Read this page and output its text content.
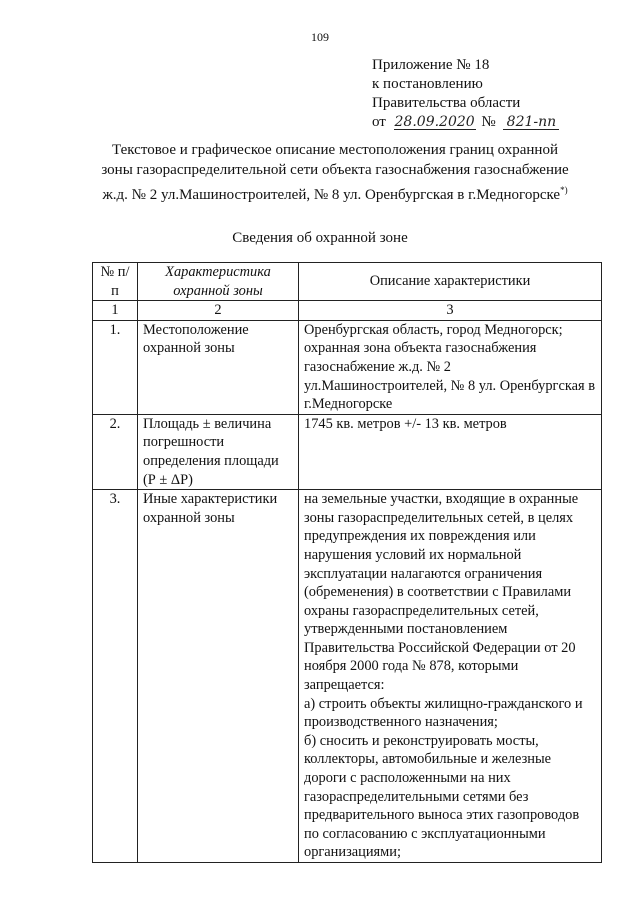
109
Приложение № 18
к постановлению
Правительства области
от 28.09.2020 № 821-пп
Текстовое и графическое описание местоположения границ охранной зоны газораспределительной сети объекта газоснабжения газоснабжение ж.д. № 2 ул.Машиностроителей, № 8 ул. Оренбургская в г.Медногорске*)
Сведения об охранной зоне
№ п/п	Характеристика охранной зоны	Описание характеристики
1	2	3
1.	Местоположение охранной зоны	Оренбургская область, город Медногорск; охранная зона объекта газоснабжения газоснабжение ж.д. № 2 ул.Машиностроителей, № 8 ул. Оренбургская в г.Медногорске
2.	Площадь ± величина погрешности определения площади (Р ± ΔР)	1745 кв. метров +/- 13 кв. метров
3.	Иные характеристики охранной зоны	на земельные участки, входящие в охранные зоны газораспределительных сетей, в целях предупреждения их повреждения или нарушения условий их нормальной эксплуатации налагаются ограничения (обременения) в соответствии с Правилами охраны газораспределительных сетей, утвержденными постановлением Правительства Российской Федерации от 20 ноября 2000 года № 878, которыми запрещается:
а) строить объекты жилищно-гражданского и производственного назначения;
б) сносить и реконструировать мосты, коллекторы, автомобильные и железные дороги с расположенными на них газораспределительными сетями без предварительного выноса этих газопроводов по согласованию с эксплуатационными организациями;
